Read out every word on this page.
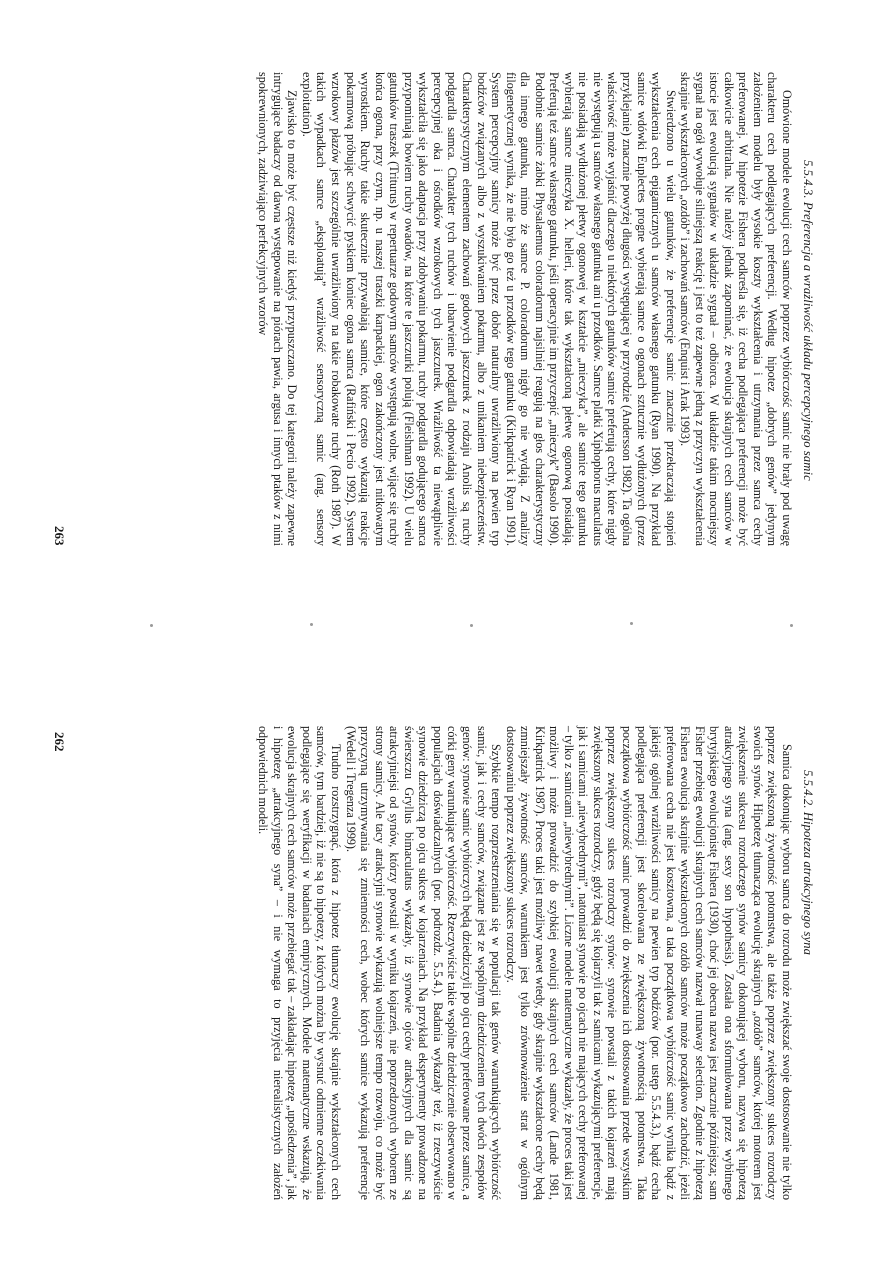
5.5.4.3. Preferencja a wrażliwość układu percepcyjnego samic

Omówione modele ewolucji cech samców poprzez wybiórczość samic nie brały pod uwagę charakteru cech podlegających preferencji. Według hipotez „dobrych genów” jedynym założeniem modelu były wysokie koszty wykształcenia i utrzymania przez samca cechy preferowanej. W hipotezie Fishera podkreśla się, iż cecha podlegająca preferencji może być całkowicie arbitralna. Nie należy jednak zapominać, że ewolucja skrajnych cech samców w istocie jest ewolucją sygnałów w układzie sygnał – odbiorca. W układzie takim mocniejszy sygnał na ogół wywołuje silniejszą reakcję i jest to też zapewne jedną z przyczyn wykształcenia skrajnie wykształconych „ozdób” i zachowań samców (Enquist i Arak 1993).

Stwierdzono u wielu gatunków, że preferencje samic znacznie przekraczają stopień wykształcenia cech epigamicznych u samców własnego gatunku (Ryan 1990). Na przykład samice wdówki Euplectes progne wybierają samce o ogonach sztucznie wydłużonych (przez przyklejanie) znacznie powyżej długości występującej w przyrodzie (Andersson 1982). Ta ogólna właściwość może wyjaśnić dlaczego u niektórych gatunków samice preferują cechy, które nigdy nie występują u samców własnego gatunku ani u przodków. Samce platki Xiphophorus maculatus nie posiadają wydłużonej płetwy ogonowej w kształcie „mieczyka”, ale samice tego gatunku wybierają samce mieczyka X. helleri, które tak wykształconą płetwę ogonową posiadają. Preferują też samce własnego gatunku, jeśli operacyjnie im przyczepić „mieczyk” (Basolo 1990). Podobnie samice żabki Physalaemus coloradorum najsilniej reagują na głos charakterystyczny dla innego gatunku, mimo że samce P. coloradorum nigdy go nie wydają. Z analizy filogenetycznej wynika, że nie było go też u przodków tego gatunku (Kirkpatrick i Ryan 1991). System percepcyjny samicy może być przez dobór naturalny uwrażliwiony na pewien typ bodźców związanych albo z wyszukiwaniem pokarmu, albo z unikaniem niebezpieczeństw. Charakterystycznym elementem zachowań godowych jaszczurek z rodzaju Anolis są ruchy podgardla samca. Charakter tych ruchów i ubarwienie podgardla odpowiadają wrażliwości percepcyjnej oka i ośrodków wzrokowych tych jaszczurek. Wrażliwość ta niewątpliwie wykształciła się jako adaptacja przy zdobywaniu pokarmu, ruchy podgardla godującego samca przypominają bowiem ruchy owadów, na które te jaszczurki polują (Fleishman 1992). U wielu gatunków traszek (Triturus) w repertuarze godowym samców występują wolne, wijące się ruchy końca ogona, przy czym, np. u naszej traszki karpackiej, ogon zakończony jest nitkowatym wyrostkiem. Ruchy takie skutecznie przywabiają samice, które często wykazują reakcje pokarmową próbując schwycić pyskiem koniec ogona samca (Rafiński i Pecio 1992). System wzrokowy płazów jest szczególnie uwrażliwiony na takie robakowate ruchy (Roth 1987). W takich wypadkach samce „eksploatują” wrażliwość sensoryczną samic (ang. sensory exploitation).

Zjawisko to może być częstsze niż kiedyś przypuszczano. Do tej kategorii należy zapewne intrygujące badaczy od dawna występowanie na piórach pawia, argusa i innych ptaków z nimi spokrewnionych, zadziwiająco perfekcyjnych wzorów

263
5.5.4.2. Hipoteza atrakcyjnego syna

Samica dokonując wyboru samca do rozrodu może zwiększać swoje dostosowanie nie tylko poprzez zwiększoną żywotność potomstwa, ale także poprzez zwiększony sukces rozrodczy swoich synów. Hipotezę tłumacząca ewolucję skrajnych „ozdób” samców, której motorem jest zwiększenie sukcesu rozrodczego synów samicy dokonującej wyboru, nazywa się hipotezą atrakcyjnego syna (ang. sexy son hypothesis). Została ona sformułowana przez wybitnego brytyjskiego ewolucjonistę Fishera (1930), choć jej obecna nazwa jest znacznie późniejsza; sam Fisher przebieg ewolucji skrajnych cech samców nazwał runaway selection. Zgodnie z hipotezą Fishera ewolucja skrajnie wykształconych ozdób samców może początkowo zachodzić, jeżeli preferowana cecha nie jest kosztowna, a taka początkowa wybiórczość samic wynika bądź z jakiejś ogólnej wrażliwości samicy na pewien typ bodźców (por. ustęp 5.5.4.3.), bądź cecha podlegająca preferencji jest skorelowana ze zwiększoną żywotnością potomstwa. Taka początkowa wybiórczość samic prowadzi do zwiększenia ich dostosowania przede wszystkim poprzez zwiększony sukces rozrodczy synów: synowie powstali z takich kojarzeń mają zwiększony sukces rozrodczy, gdyż będą się kojarzyli tak z samicami wykazującymi preferencje, jak i samicami „niewybrednymi”, natomiast synowie po ojcach nie mających cechy preferowanej – tylko z samicami „niewybrednymi”. Liczne modele matematyczne wykazały, że proces taki jest możliwy i może prowadzić do szybkiej ewolucji skrajnych cech samców (Lande 1981, Kirkpatrick 1987). Proces taki jest możliwy nawet wtedy, gdy skrajnie wykształcone cechy będą zmniejszały żywotność samców, warunkiem jest tylko zrównoważenie strat w ogólnym dostosowaniu poprzez zwiększony sukces rozrodczy.

Szybkie tempo rozprzestrzeniania się w populacji tak genów warunkujących wybiórczość samic, jak i cechy samców, związane jest ze wspólnym dziedziczeniem tych dwóch zespołów genów: synowie samic wybiórczych będą dziedziczyli po ojcu cechy preferowane przez samice, a córki geny warunkujące wybiórczość. Rzeczywiście takie wspólne dziedziczenie obserwowano w populacjach doświadczalnych (por. podrozdz. 5.5.4.). Badania wykazały też, iż rzeczywiście synowie dziedziczą po ojcu sukces w kojarzeniach. Na przykład eksperymenty prowadzone na świerszczu Gryllus bimaculatus wykazały, iż synowie ojców atrakcyjnych dla samic są atrakcyjniejsi od synów, którzy powstali w wyniku kojarzeń, nie poprzedzonych wyborem ze strony samicy. Ale tacy atrakcyjni synowie wykazują wolniejsze tempo rozwoju, co może być przyczyną utrzymywania się zmienności cech, wobec których samice wykazują preferencje (Wedell i Tregenza 1999).

Trudno rozstrzygnąć, która z hipotez tłumaczy ewolucję skrajnie wykształconych cech samców, tym bardziej, iż nie są to hipotezy, z których można by wysnuć odmienne oczekiwania podlegające się weryfikacji w badaniach empirycznych. Modele matematyczne wskazują, że ewolucja skrajnych cech samców może przebiegać tak – zakładając hipotezę „upośledzenia”, jak i hipotezę „atrakcyjnego syna” – i nie wymaga to przyjęcia nierealistycznych założeń odpowiednich modeli.

262
